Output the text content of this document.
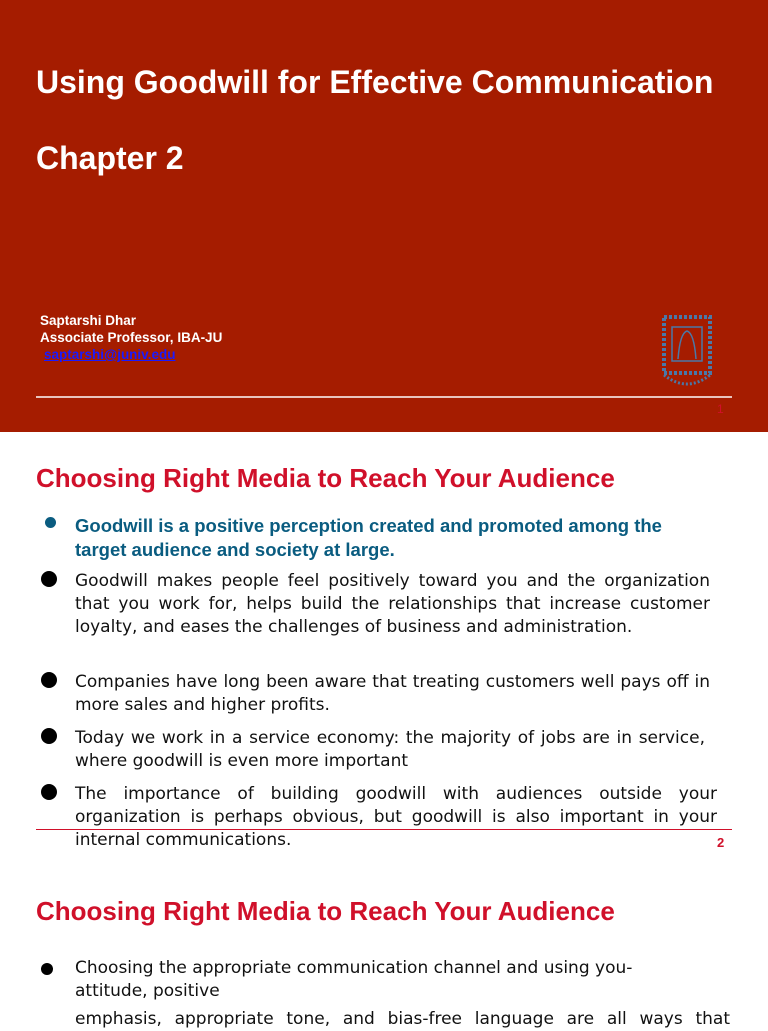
Using Goodwill for Effective Communication
Chapter 2
Saptarshi Dhar
Associate Professor, IBA-JU
saptarshi@juniv.edu
1
Choosing Right Media to Reach Your Audience
Goodwill is a positive perception created and promoted among the target audience and society at large.
Goodwill makes people feel positively toward you and the organization that you work for, helps build the relationships that increase customer loyalty, and eases the challenges of business and administration.
Companies have long been aware that treating customers well pays off in more sales and higher profits.
Today we work in a service economy: the majority of jobs are in service, where goodwill is even more important
The importance of building goodwill with audiences outside your organization is perhaps obvious, but goodwill is also important in your internal communications.	2
Choosing Right Media to Reach Your Audience
Choosing the appropriate communication channel and using you-attitude, positive
emphasis, appropriate tone, and bias-free language are all ways that
